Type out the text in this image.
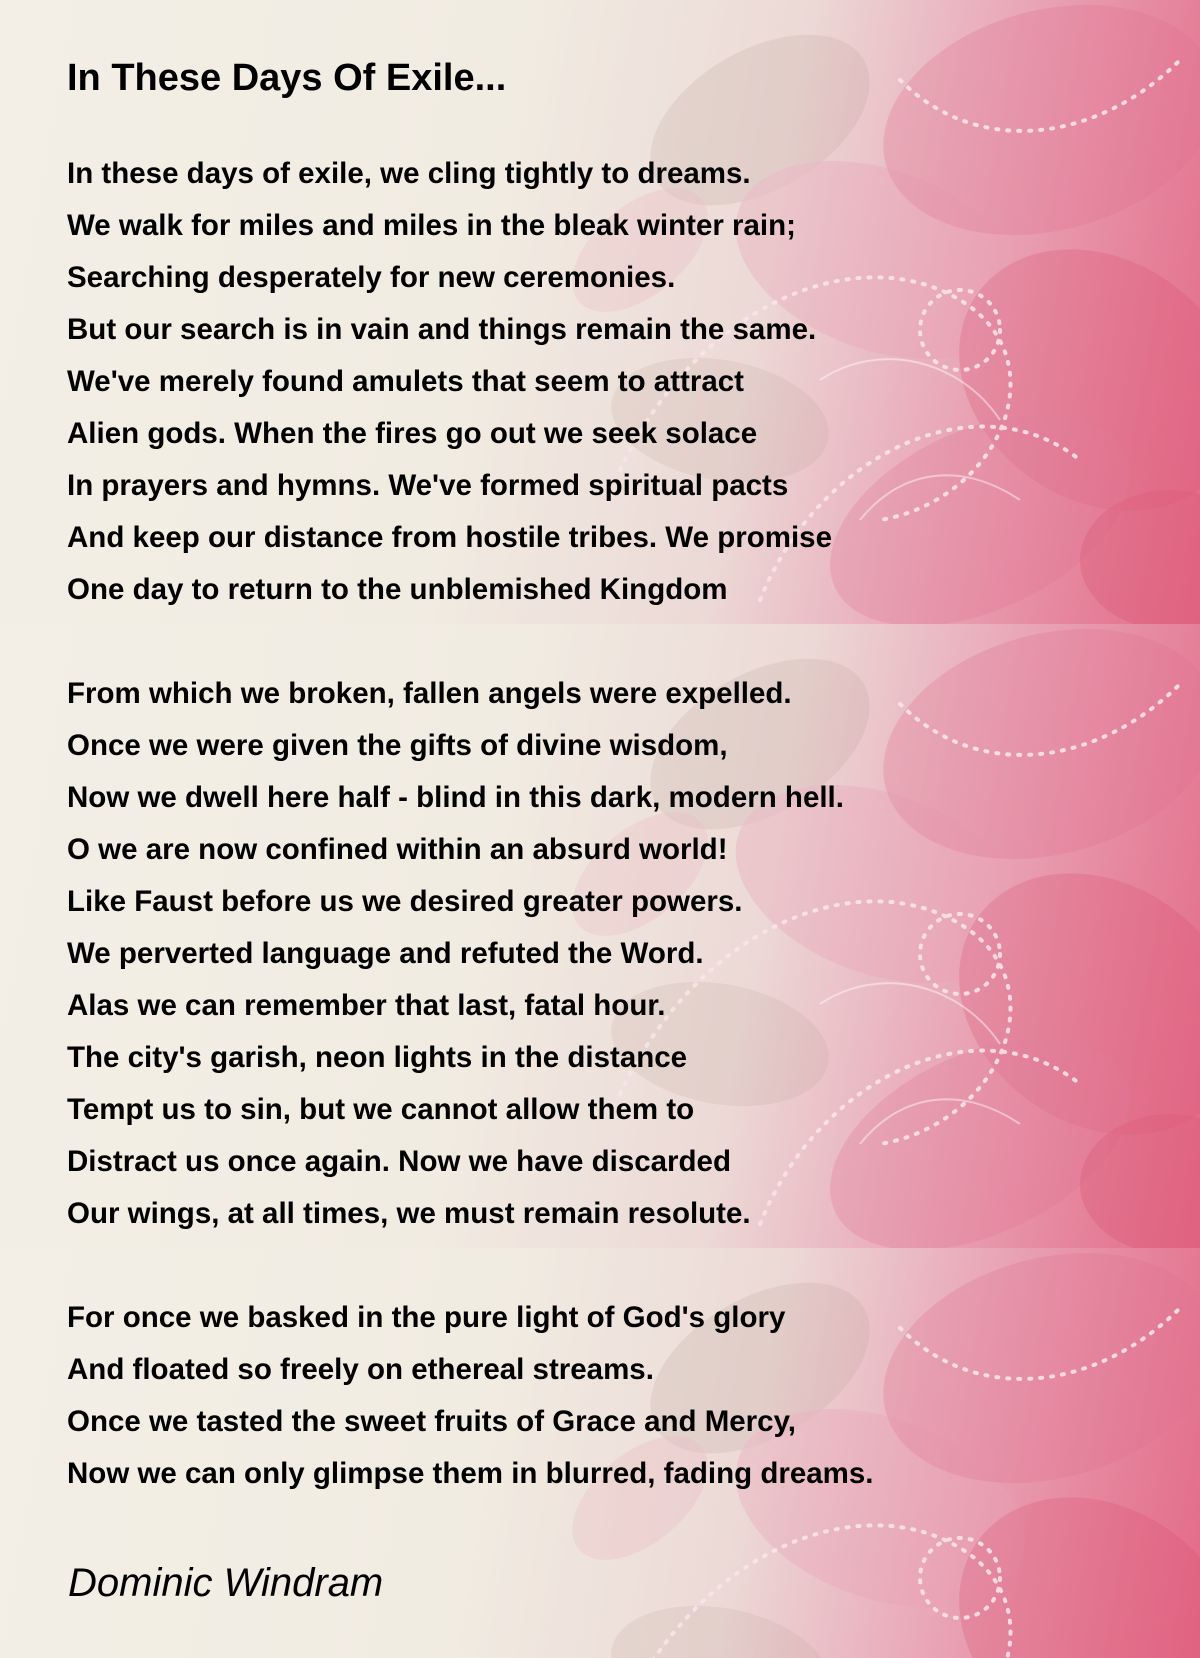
In These Days Of Exile...
In these days of exile, we cling tightly to dreams.
We walk for miles and miles in the bleak winter rain;
Searching desperately for new ceremonies.
But our search is in vain and things remain the same.
We've merely found amulets that seem to attract
Alien gods. When the fires go out we seek solace
In prayers and hymns. We've formed spiritual pacts
And keep our distance from hostile tribes. We promise
One day to return to the unblemished Kingdom
From which we broken, fallen angels were expelled.
Once we were given the gifts of divine wisdom,
Now we dwell here half - blind in this dark, modern hell.
O we are now confined within an absurd world!
Like Faust before us we desired greater powers.
We perverted language and refuted the Word.
Alas we can remember that last, fatal hour.
The city's garish, neon lights in the distance
Tempt us to sin, but we cannot allow them to
Distract us once again. Now we have discarded
Our wings, at all times, we must remain resolute.
For once we basked in the pure light of God's glory
And floated so freely on ethereal streams.
Once we tasted the sweet fruits of Grace and Mercy,
Now we can only glimpse them in blurred, fading dreams.

Dominic Windram
